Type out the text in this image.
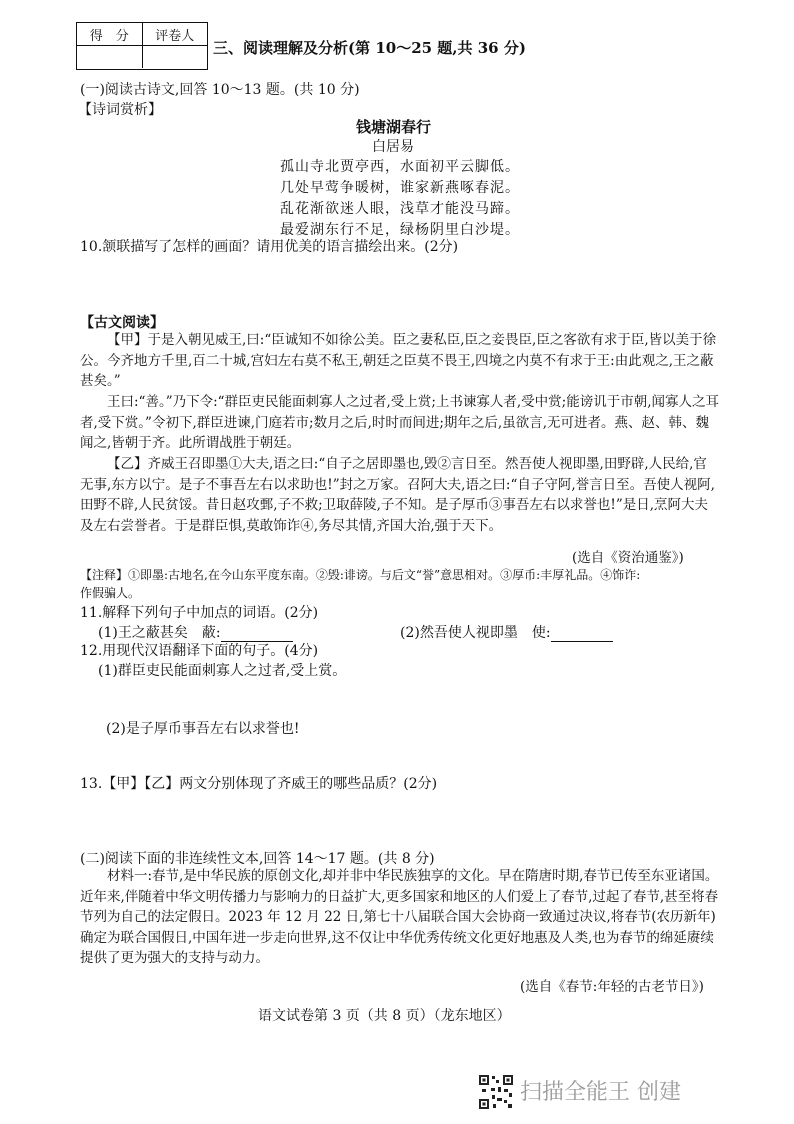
得　分	评卷人
三、阅读理解及分析(第 10～25 题,共 36 分)
(一)阅读古诗文,回答 10～13 题。(共 10 分)
【诗词赏析】
钱塘湖春行
白居易
孤山寺北贾亭西，水面初平云脚低。
几处早莺争暖树，谁家新燕啄春泥。
乱花渐欲迷人眼，浅草才能没马蹄。
最爱湖东行不足，绿杨阴里白沙堤。
10.颔联描写了怎样的画面？请用优美的语言描绘出来。(2分)
【古文阅读】
【甲】于是入朝见威王,曰:“臣诚知不如徐公美。臣之妻私臣,臣之妾畏臣,臣之客欲有求于臣,皆以美于徐公。今齐地方千里,百二十城,宫妇左右莫不私王,朝廷之臣莫不畏王,四境之内莫不有求于王:由此观之,王之蔽甚矣。”
王曰:“善。”乃下令:“群臣吏民能面刺寡人之过者,受上赏;上书谏寡人者,受中赏;能谤讥于市朝,闻寡人之耳者,受下赏。”令初下,群臣进谏,门庭若市;数月之后,时时而间进;期年之后,虽欲言,无可进者。燕、赵、韩、魏闻之,皆朝于齐。此所谓战胜于朝廷。
【乙】齐威王召即墨①大夫,语之曰:“自子之居即墨也,毁②言日至。然吾使人视即墨,田野辟,人民给,官无事,东方以宁。是子不事吾左右以求助也!”封之万家。召阿大夫,语之曰:“自子守阿,誉言日至。吾使人视阿,田野不辟,人民贫馁。昔日赵攻鄄,子不救;卫取薛陵,子不知。是子厚币③事吾左右以求誉也!”是日,烹阿大夫及左右尝誉者。于是群臣惧,莫敢饰诈④,务尽其情,齐国大治,强于天下。
(选自《资治通鉴》)
【注释】①即墨:古地名,在今山东平度东南。②毁:诽谤。与后文“誉”意思相对。③厚币:丰厚礼品。④饰诈:
作假骗人。
11.解释下列句子中加点的词语。(2分)
(1)王之蔽甚矣　蔽:	(2)然吾使人视即墨　使:
12.用现代汉语翻译下面的句子。(4分)
(1)群臣吏民能面刺寡人之过者,受上赏。
(2)是子厚币事吾左右以求誉也!
13.【甲】【乙】两文分别体现了齐威王的哪些品质？(2分)
(二)阅读下面的非连续性文本,回答 14～17 题。(共 8 分)
材料一:春节,是中华民族的原创文化,却并非中华民族独享的文化。早在隋唐时期,春节已传至东亚诸国。近年来,伴随着中华文明传播力与影响力的日益扩大,更多国家和地区的人们爱上了春节,过起了春节,甚至将春节列为自己的法定假日。2023 年 12 月 22 日,第七十八届联合国大会协商一致通过决议,将春节(农历新年)确定为联合国假日,中国年进一步走向世界,这不仅让中华优秀传统文化更好地惠及人类,也为春节的绵延赓续提供了更为强大的支持与动力。
(选自《春节:年轻的古老节日》)
语文试卷第 3 页（共 8 页）（龙东地区）
扫描全能王 创建
